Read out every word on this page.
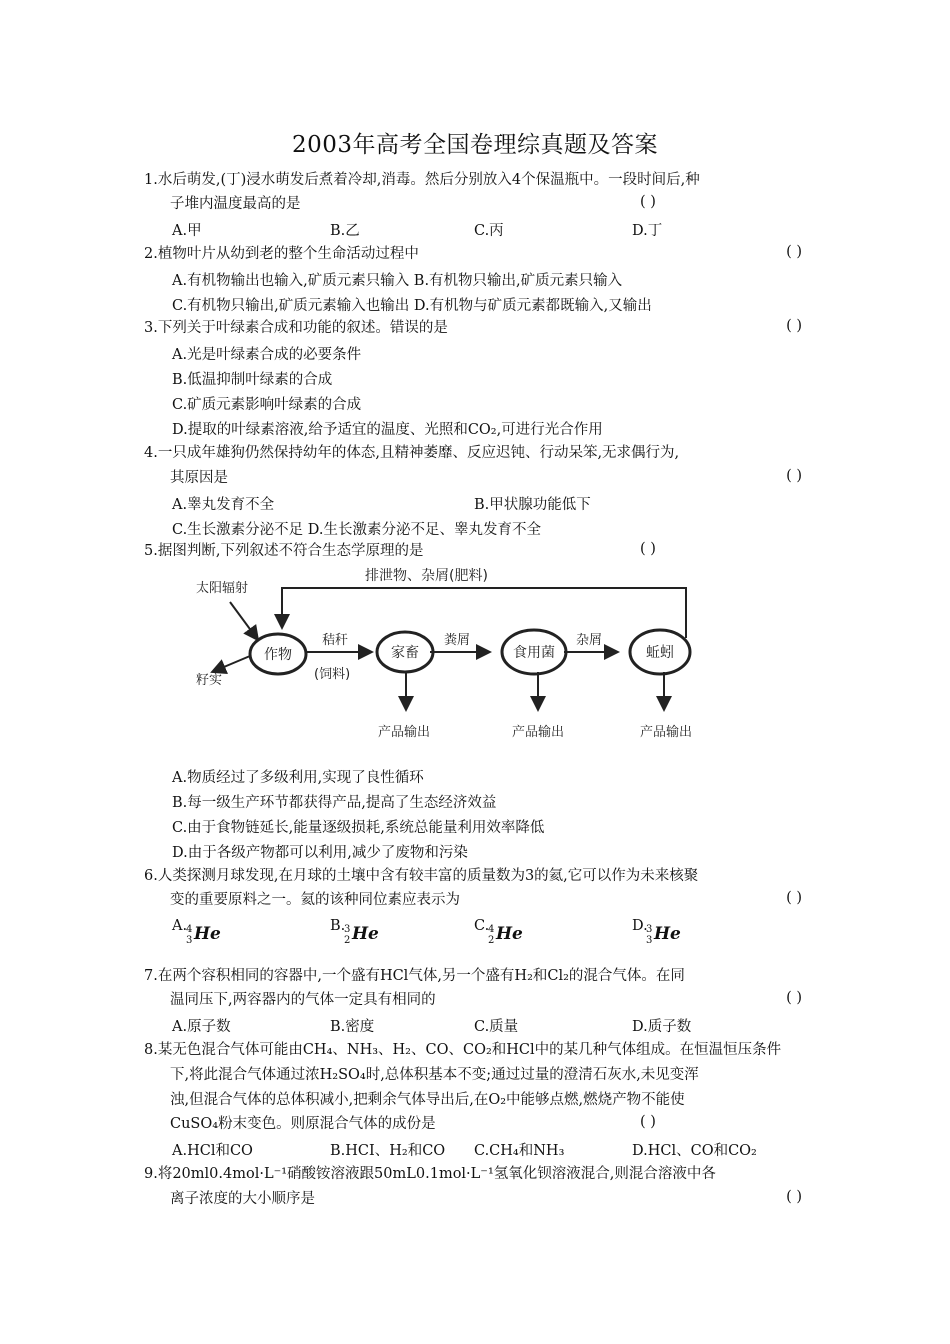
2003年高考全国卷理综真题及答案
1.水后萌发,(丁)浸水萌发后煮着冷却,消毒。然后分别放入4个保温瓶中。一段时间后,种
子堆内温度最高的是	( )
A.甲	B.乙	C.丙	D.丁
2.植物叶片从幼到老的整个生命活动过程中	( )
A.有机物输出也输入,矿质元素只输入 B.有机物只输出,矿质元素只输入
C.有机物只输出,矿质元素输入也输出 D.有机物与矿质元素都既输入,又输出
3.下列关于叶绿素合成和功能的叙述。错误的是	( )
A.光是叶绿素合成的必要条件
B.低温抑制叶绿素的合成
C.矿质元素影响叶绿素的合成
D.提取的叶绿素溶液,给予适宜的温度、光照和CO₂,可进行光合作用
4.一只成年雄狗仍然保持幼年的体态,且精神萎靡、反应迟钝、行动呆笨,无求偶行为,
其原因是	( )
A.睾丸发育不全	B.甲状腺功能低下
C.生长激素分泌不足 D.生长激素分泌不足、睾丸发育不全
5.据图判断,下列叙述不符合生态学原理的是	( )
排泄物、杂屑(肥料)
太阳辐射
籽实
作物	家畜	食用菌	蚯蚓
秸秆
(饲料)
粪屑	杂屑
产品输出	产品输出	产品输出
A.物质经过了多级利用,实现了良性循环
B.每一级生产环节都获得产品,提高了生态经济效益
C.由于食物链延长,能量逐级损耗,系统总能量利用效率降低
D.由于各级产物都可以利用,减少了废物和污染
6.人类探测月球发现,在月球的土壤中含有较丰富的质量数为3的氦,它可以作为未来核聚
变的重要原料之一。氦的该种同位素应表示为	( )
A.
4
3 He	B.
3
2 He	C.
4
2 He	D.
3
3 He
7.在两个容积相同的容器中,一个盛有HCl气体,另一个盛有H₂和Cl₂的混合气体。在同
温同压下,两容器内的气体一定具有相同的	( )
A.原子数	B.密度	C.质量	D.质子数
8.某无色混合气体可能由CH₄、NH₃、H₂、CO、CO₂和HCl中的某几种气体组成。在恒温恒压条件
下,将此混合气体通过浓H₂SO₄时,总体积基本不变;通过过量的澄清石灰水,未见变浑
浊,但混合气体的总体积减小,把剩余气体导出后,在O₂中能够点燃,燃烧产物不能使
CuSO₄粉末变色。则原混合气体的成份是	( )
A.HCl和CO	B.HCI、H₂和CO C.CH₄和NH₃	D.HCl、CO和CO₂
9.将20ml0.4mol·L⁻¹硝酸铵溶液跟50mL0.1mol·L⁻¹氢氧化钡溶液混合,则混合溶液中各
离子浓度的大小顺序是	( )
